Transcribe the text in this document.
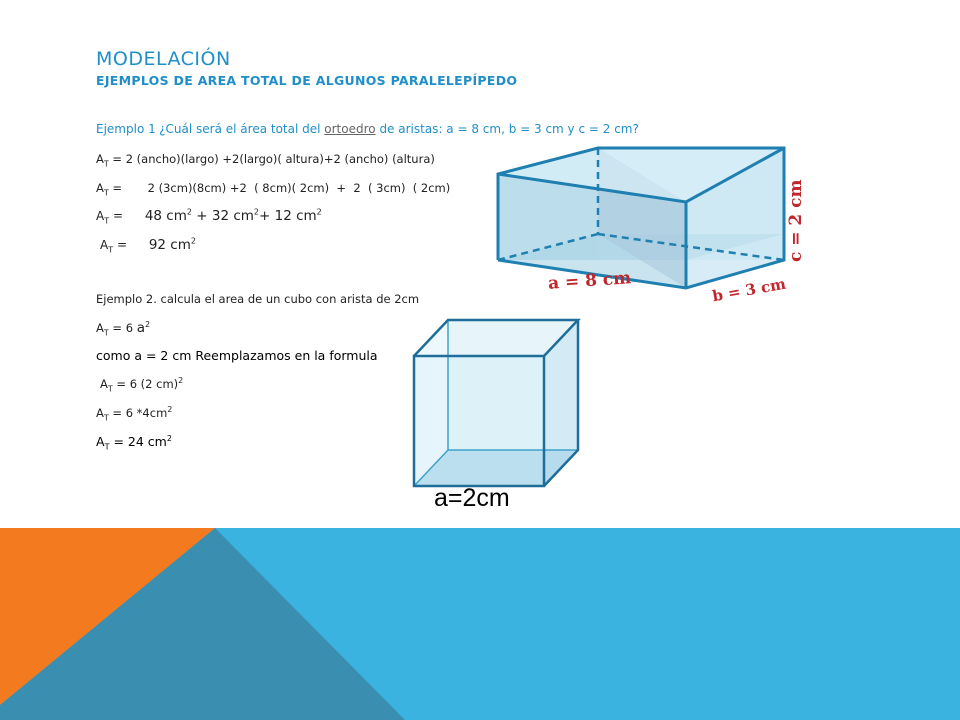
MODELACIÓN
EJEMPLOS DE AREA TOTAL DE ALGUNOS PARALELEPÍPEDO
Ejemplo 1 ¿Cuál será el área total del ortoedro de aristas: a = 8 cm, b = 3 cm y c = 2 cm?
$A_T = 2$ (ancho)(largo) +2(largo)( altura)+2 (ancho) (altura)
$A_T$ =       2 (3cm)(8cm) +2  ( 8cm)( 2cm)  +  2  ( 3cm)  ( 2cm)
$A_T = 48$ $cm^2 + 32$ $cm^2+ 12$ $cm^2$
$A_T = 92$ $cm^2$
Ejemplo 2. calcula el area de un cubo con arista de 2cm
$A_T = 6$ $a^2$
como a = 2 cm Reemplazamos en la formula
$A_T = 6$ (2 cm)$^2$
$A_T = 6$ $*4cm^2$
$A_T = 24$ $cm^2$
a = 8 cm	b = 3 cm
c = 2 cm
a=2cm
